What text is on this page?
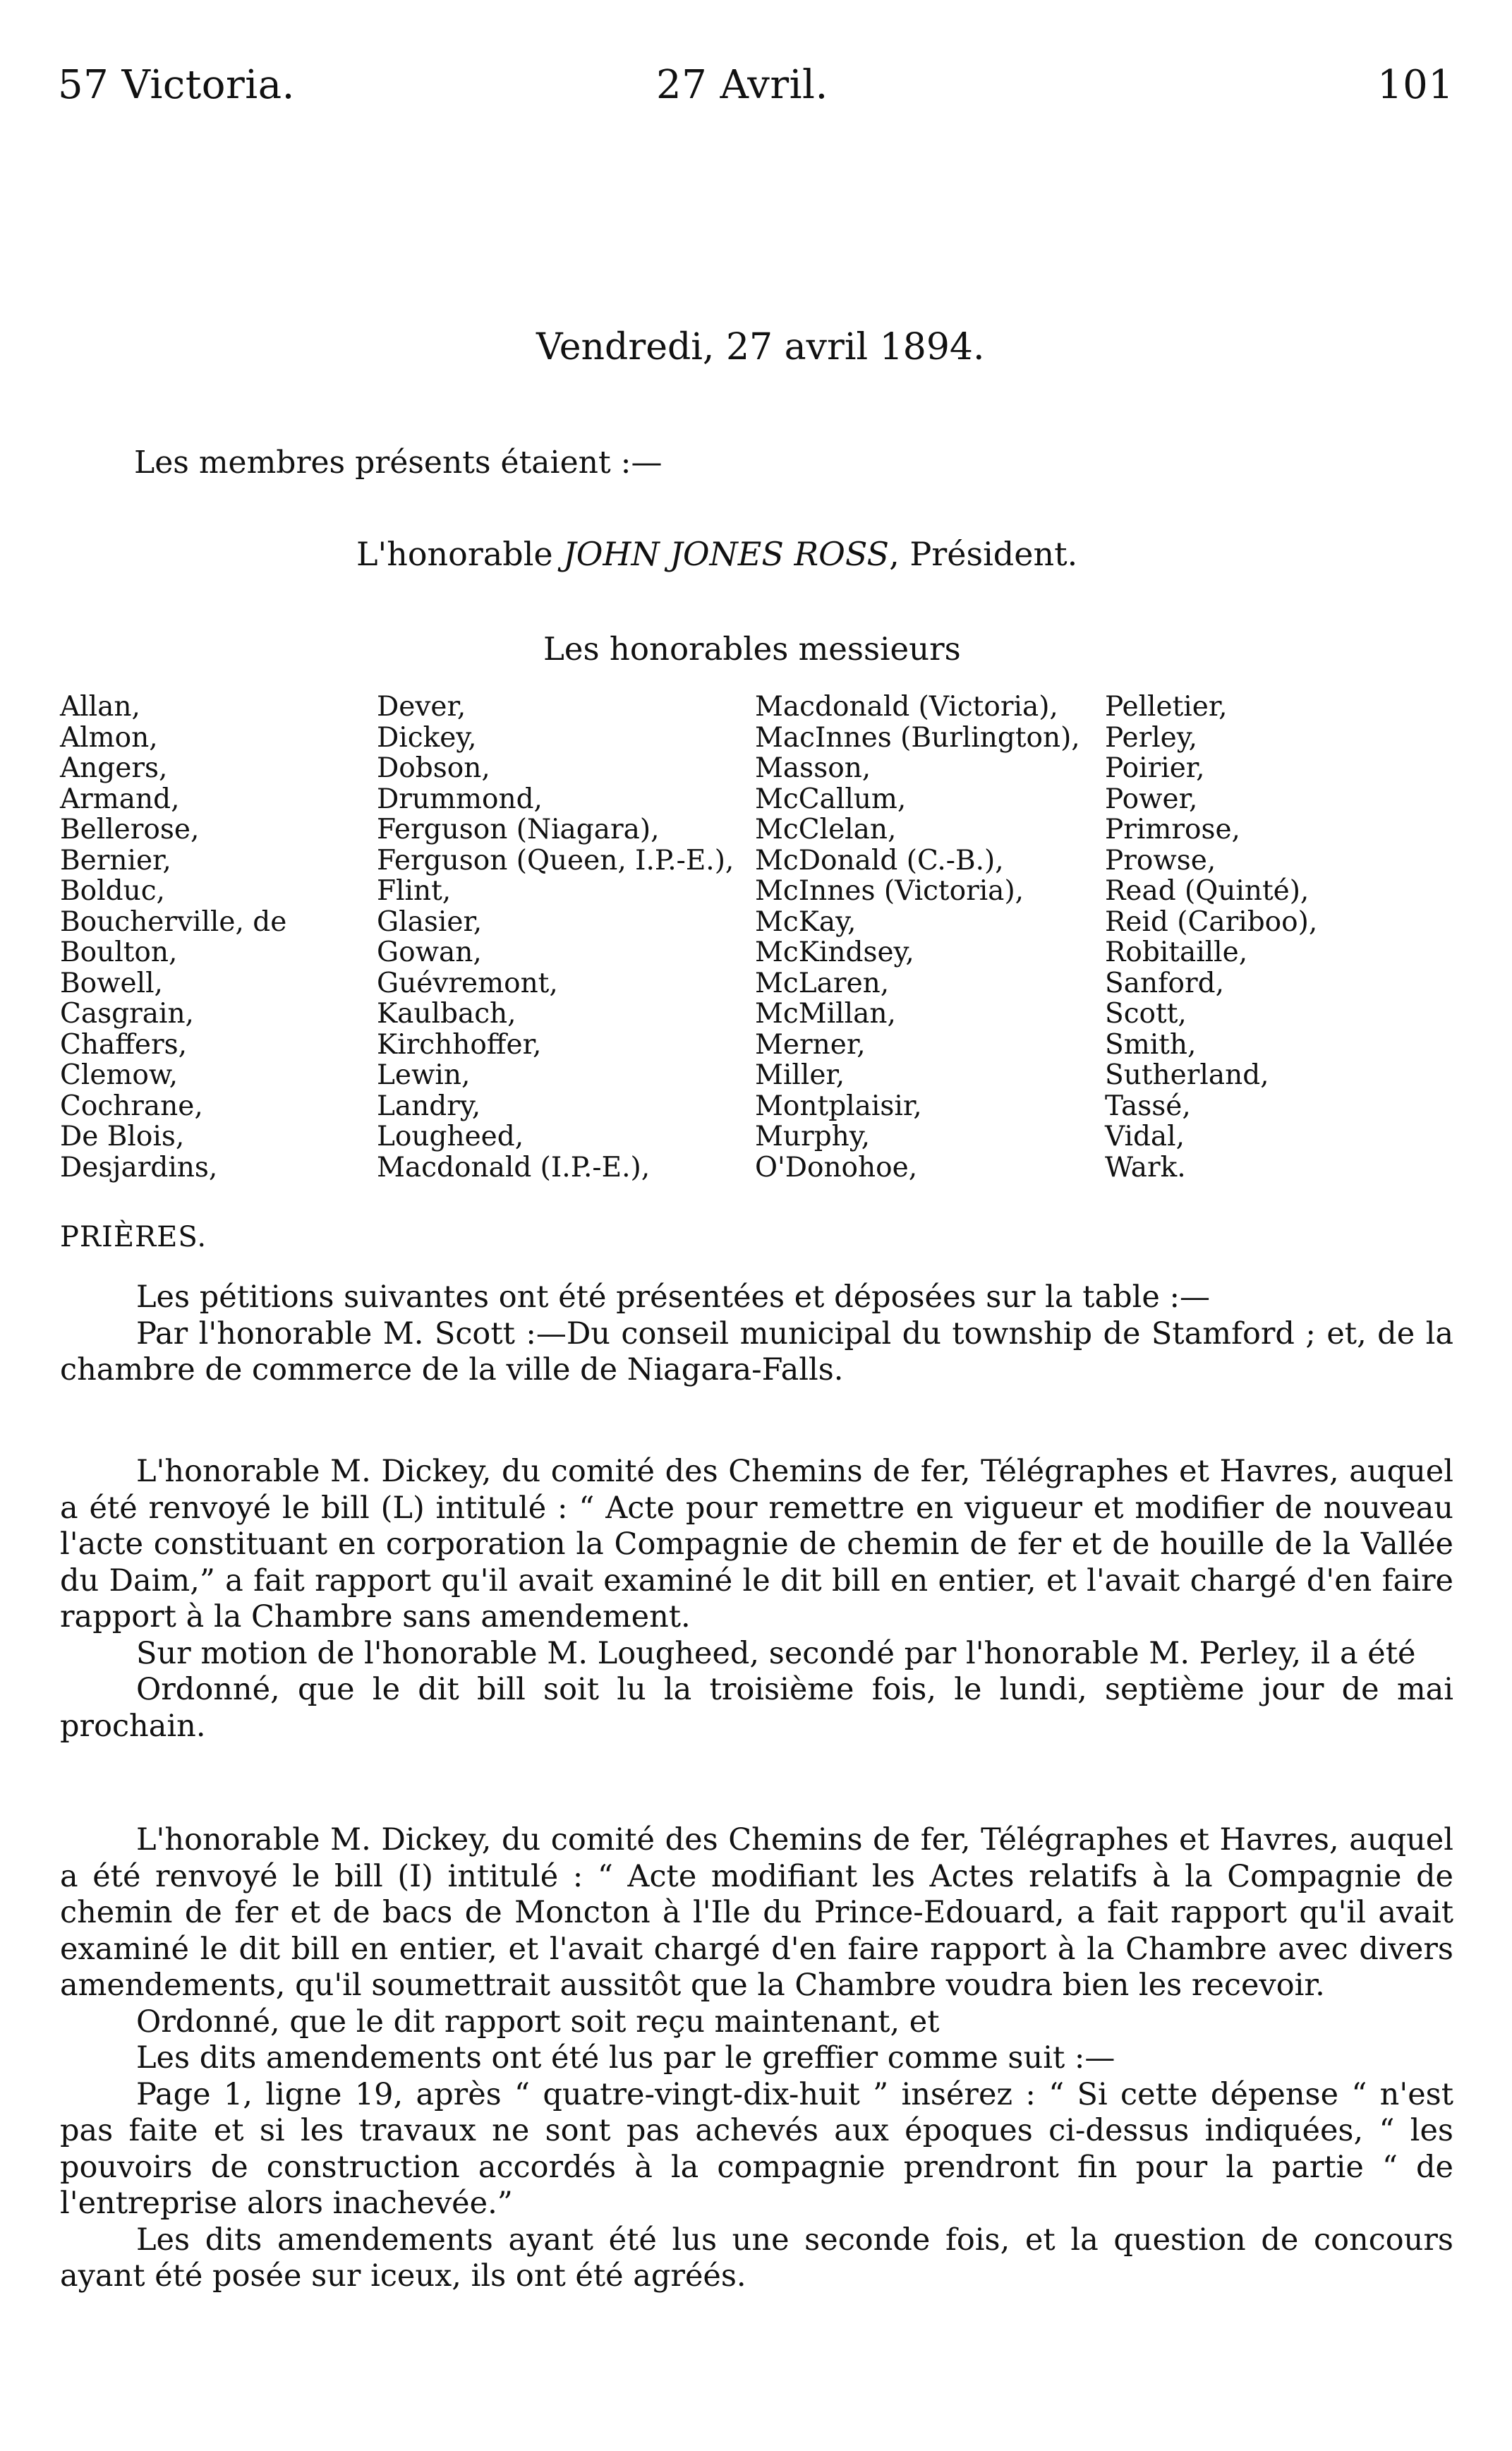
57 Victoria.	27 Avril.	101
Vendredi, 27 avril 1894.
Les membres présents étaient :—
L'honorable JOHN JONES ROSS, Président.
Les honorables messieurs
Allan,
Almon,
Angers,
Armand,
Bellerose,
Bernier,
Bolduc,
Boucherville, de
Boulton,
Bowell,
Casgrain,
Chaffers,
Clemow,
Cochrane,
De Blois,
Desjardins,
Dever,
Dickey,
Dobson,
Drummond,
Ferguson (Niagara),
Ferguson (Queen, I.P.-E.),
Flint,
Glasier,
Gowan,
Guévremont,
Kaulbach,
Kirchhoffer,
Lewin,
Landry,
Lougheed,
Macdonald (I.P.-E.),
Macdonald (Victoria),
MacInnes (Burlington),
Masson,
McCallum,
McClelan,
McDonald (C.-B.),
McInnes (Victoria),
McKay,
McKindsey,
McLaren,
McMillan,
Merner,
Miller,
Montplaisir,
Murphy,
O'Donohoe,
Pelletier,
Perley,
Poirier,
Power,
Primrose,
Prowse,
Read (Quinté),
Reid (Cariboo),
Robitaille,
Sanford,
Scott,
Smith,
Sutherland,
Tassé,
Vidal,
Wark.
PRIÈRES.

Les pétitions suivantes ont été présentées et déposées sur la table :—

Par l'honorable M. Scott :—Du conseil municipal du township de Stamford ; et, de la chambre de commerce de la ville de Niagara-Falls.

L'honorable M. Dickey, du comité des Chemins de fer, Télégraphes et Havres, auquel a été renvoyé le bill (L) intitulé : “ Acte pour remettre en vigueur et modifier de nouveau l'acte constituant en corporation la Compagnie de chemin de fer et de houille de la Vallée du Daim,” a fait rapport qu'il avait examiné le dit bill en entier, et l'avait chargé d'en faire rapport à la Chambre sans amendement.

Sur motion de l'honorable M. Lougheed, secondé par l'honorable M. Perley, il a été

Ordonné, que le dit bill soit lu la troisième fois, le lundi, septième jour de mai prochain.

L'honorable M. Dickey, du comité des Chemins de fer, Télégraphes et Havres, auquel a été renvoyé le bill (I) intitulé : “ Acte modifiant les Actes relatifs à la Compagnie de chemin de fer et de bacs de Moncton à l'Ile du Prince-Edouard, a fait rapport qu'il avait examiné le dit bill en entier, et l'avait chargé d'en faire rapport à la Chambre avec divers amendements, qu'il soumettrait aussitôt que la Chambre voudra bien les recevoir.

Ordonné, que le dit rapport soit reçu maintenant, et

Les dits amendements ont été lus par le greffier comme suit :—

Page 1, ligne 19, après “ quatre-vingt-dix-huit ” insérez : “ Si cette dépense “ n'est pas faite et si les travaux ne sont pas achevés aux époques ci-dessus indiquées, “ les pouvoirs de construction accordés à la compagnie prendront fin pour la partie “ de l'entreprise alors inachevée.”

Les dits amendements ayant été lus une seconde fois, et la question de concours ayant été posée sur iceux, ils ont été agréés.
